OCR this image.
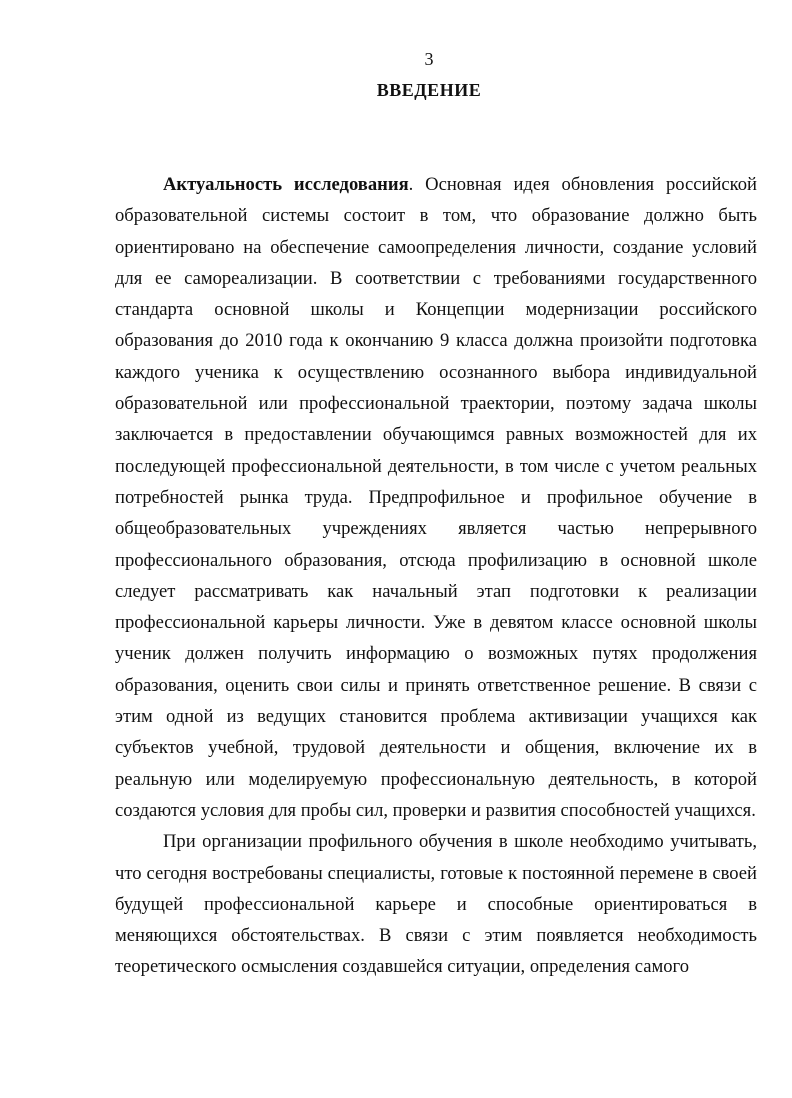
3
ВВЕДЕНИЕ

Актуальность исследования. Основная идея обновления российской образовательной системы состоит в том, что образование должно быть ориентировано на обеспечение самоопределения личности, создание условий для ее самореализации. В соответствии с требованиями государственного стандарта основной школы и Концепции модернизации российского образования до 2010 года к окончанию 9 класса должна произойти подготовка каждого ученика к осуществлению осознанного выбора индивидуальной образовательной или профессиональной траектории, поэтому задача школы заключается в предоставлении обучающимся равных возможностей для их последующей профессиональной деятельности, в том числе с учетом реальных потребностей рынка труда. Предпрофильное и профильное обучение в общеобразовательных учреждениях является частью непрерывного профессионального образования, отсюда профилизацию в основной школе следует рассматривать как начальный этап подготовки к реализации профессиональной карьеры личности. Уже в девятом классе основной школы ученик должен получить информацию о возможных путях продолжения образования, оценить свои силы и принять ответственное решение. В связи с этим одной из ведущих становится проблема активизации учащихся как субъектов учебной, трудовой деятельности и общения, включение их в реальную или моделируемую профессиональную деятельность, в которой создаются условия для пробы сил, проверки и развития способностей учащихся.

При организации профильного обучения в школе необходимо учитывать, что сегодня востребованы специалисты, готовые к постоянной перемене в своей будущей профессиональной карьере и способные ориентироваться в меняющихся обстоятельствах. В связи с этим появляется необходимость теоретического осмысления создавшейся ситуации, определения самого
